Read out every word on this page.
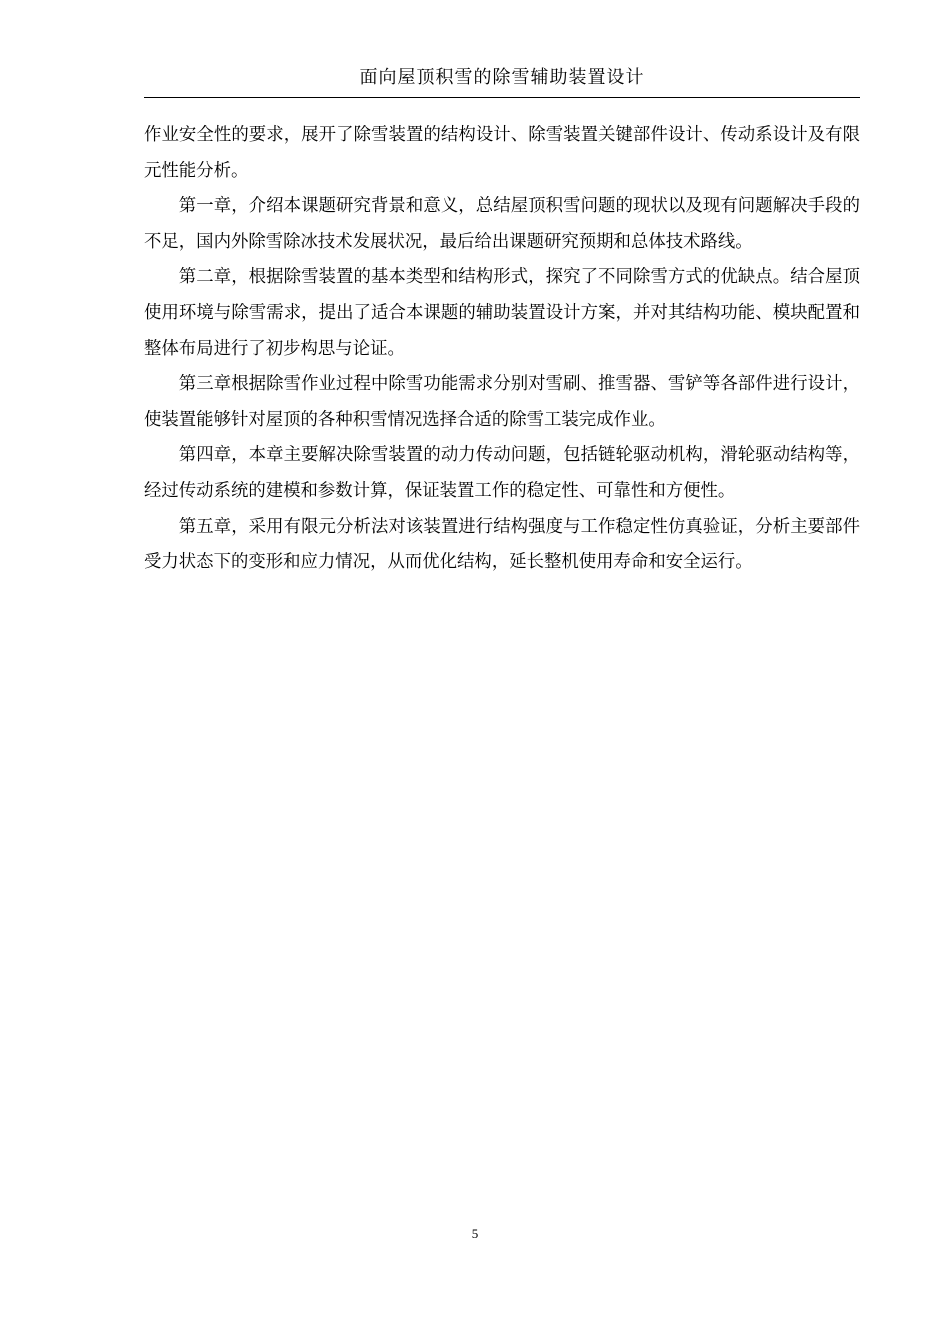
面向屋顶积雪的除雪辅助装置设计

作业安全性的要求，展开了除雪装置的结构设计、除雪装置关键部件设计、传动系设计及有限元性能分析。

第一章，介绍本课题研究背景和意义，总结屋顶积雪问题的现状以及现有问题解决手段的不足，国内外除雪除冰技术发展状况，最后给出课题研究预期和总体技术路线。

第二章，根据除雪装置的基本类型和结构形式，探究了不同除雪方式的优缺点。结合屋顶使用环境与除雪需求，提出了适合本课题的辅助装置设计方案，并对其结构功能、模块配置和整体布局进行了初步构思与论证。

第三章根据除雪作业过程中除雪功能需求分别对雪刷、推雪器、雪铲等各部件进行设计，使装置能够针对屋顶的各种积雪情况选择合适的除雪工装完成作业。

第四章，本章主要解决除雪装置的动力传动问题，包括链轮驱动机构，滑轮驱动结构等，经过传动系统的建模和参数计算，保证装置工作的稳定性、可靠性和方便性。

第五章，采用有限元分析法对该装置进行结构强度与工作稳定性仿真验证，分析主要部件受力状态下的变形和应力情况，从而优化结构，延长整机使用寿命和安全运行。

5
